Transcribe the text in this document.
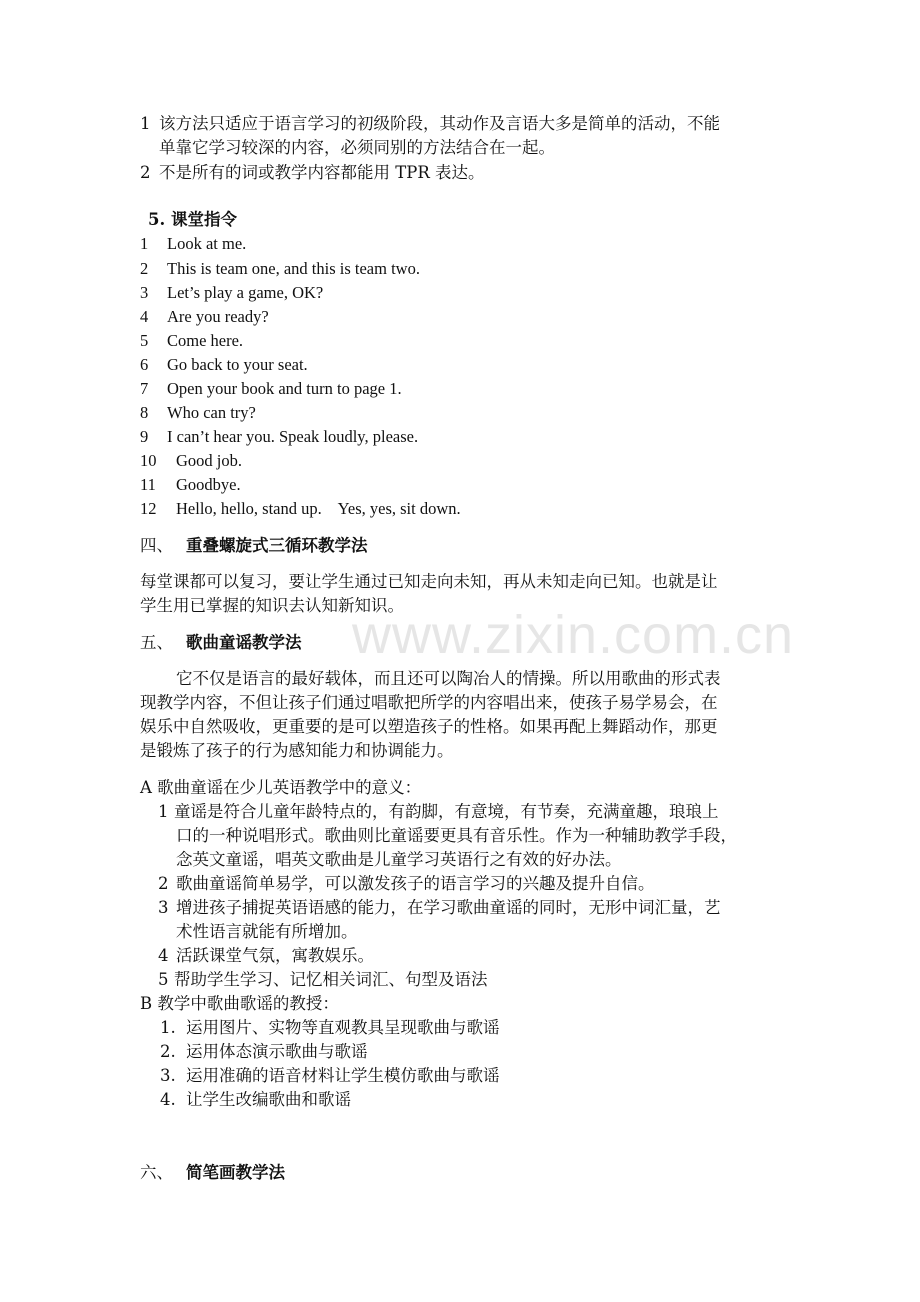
www.zixin.com.cn
1 该方法只适应于语言学习的初级阶段，其动作及言语大多是简单的活动，不能
单靠它学习较深的内容，必须同别的方法结合在一起。
2 不是所有的词或教学内容都能用 TPR 表达。
5. 课堂指令
1 Look at me.
2 This is team one, and this is team two.
3 Let’s play a game, OK?
4 Are you ready?
5 Come here.
6 Go back to your seat.
7 Open your book and turn to page 1.
8 Who can try?
9 I can’t hear you. Speak loudly, please.
10 Good job.
11 Goodbye.
12 Hello, hello, stand up.    Yes, yes, sit down.
四、 重叠螺旋式三循环教学法
每堂课都可以复习，要让学生通过已知走向未知，再从未知走向已知。也就是让
学生用已掌握的知识去认知新知识。
五、 歌曲童谣教学法
它不仅是语言的最好载体，而且还可以陶冶人的情操。所以用歌曲的形式表
现教学内容，不但让孩子们通过唱歌把所学的内容唱出来，使孩子易学易会，在
娱乐中自然吸收，更重要的是可以塑造孩子的性格。如果再配上舞蹈动作，那更
是锻炼了孩子的行为感知能力和协调能力。
A 歌曲童谣在少儿英语教学中的意义：
1 童谣是符合儿童年龄特点的，有韵脚，有意境，有节奏，充满童趣，琅琅上
口的一种说唱形式。歌曲则比童谣要更具有音乐性。作为一种辅助教学手段，
念英文童谣，唱英文歌曲是儿童学习英语行之有效的好办法。
2 歌曲童谣简单易学，可以激发孩子的语言学习的兴趣及提升自信。
3 增进孩子捕捉英语语感的能力，在学习歌曲童谣的同时，无形中词汇量，艺
术性语言就能有所增加。
4 活跃课堂气氛，寓教娱乐。
5 帮助学生学习、记忆相关词汇、句型及语法
B 教学中歌曲歌谣的教授：
1. 运用图片、实物等直观教具呈现歌曲与歌谣
2. 运用体态演示歌曲与歌谣
3. 运用准确的语音材料让学生模仿歌曲与歌谣
4. 让学生改编歌曲和歌谣
六、 简笔画教学法
